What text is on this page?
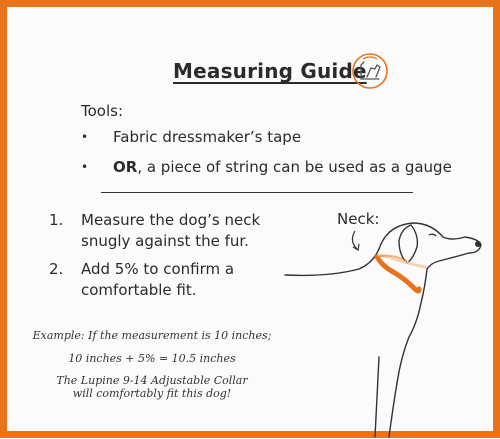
Measuring Guide
Tools:
• Fabric dressmaker’s tape
• OR, a piece of string can be used as a gauge
1. Measure the dog’s neck snugly against the fur.
2. Add 5% to confirm a comfortable fit.
Neck:
Example: If the measurement is 10 inches;
10 inches + 5% = 10.5 inches
The Lupine 9-14 Adjustable Collar
will comfortably fit this dog!
